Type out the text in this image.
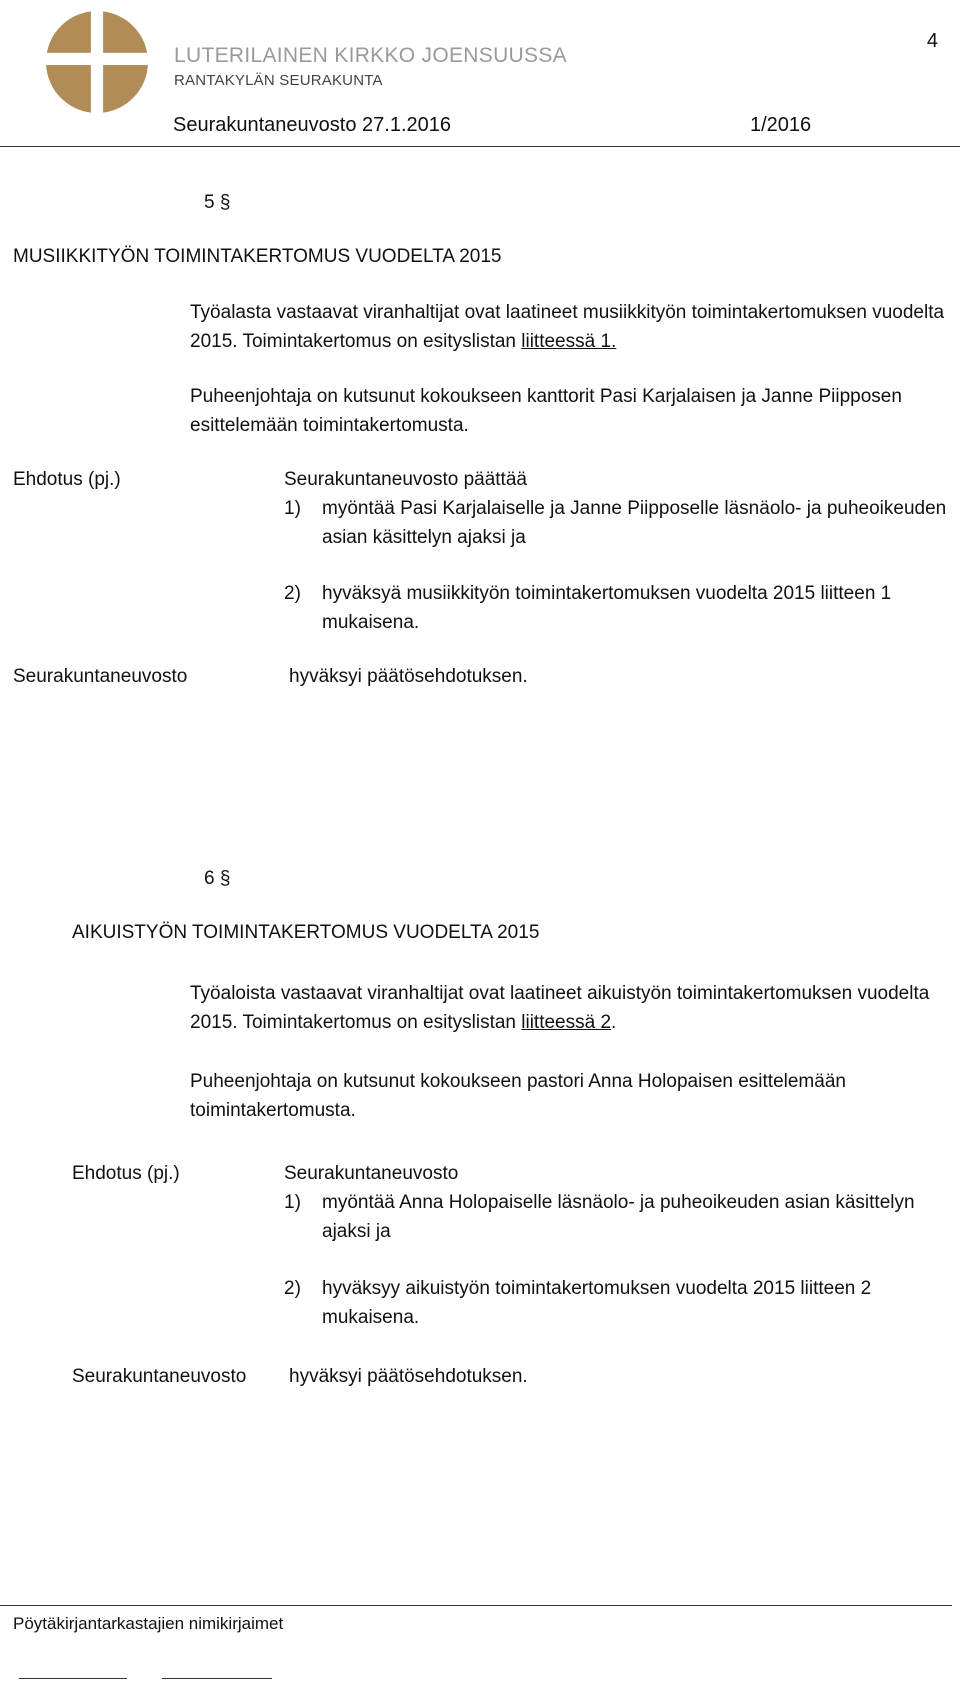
LUTERILAINEN KIRKKO JOENSUUSSA
RANTAKYLÄN SEURAKUNTA
4
Seurakuntaneuvosto 27.1.2016	1/2016
5 §
MUSIIKKITYÖN TOIMINTAKERTOMUS VUODELTA 2015
Työalasta vastaavat viranhaltijat ovat laatineet musiikkityön toimintakertomuksen vuodelta 2015. Toimintakertomus on esityslistan liitteessä 1.
Puheenjohtaja on kutsunut kokoukseen kanttorit Pasi Karjalaisen ja Janne Piipposen esittelemään toimintakertomusta.
Ehdotus (pj.)	Seurakuntaneuvosto päättää
1) myöntää Pasi Karjalaiselle ja Janne Piipposelle läsnäolo- ja puheoikeuden asian käsittelyn ajaksi ja
2) hyväksyä musiikkityön toimintakertomuksen vuodelta 2015 liitteen 1 mukaisena.
Seurakuntaneuvosto	hyväksyi päätösehdotuksen.
6 §
AIKUISTYÖN TOIMINTAKERTOMUS VUODELTA 2015
Työaloista vastaavat viranhaltijat ovat laatineet aikuistyön toimintakertomuksen vuodelta 2015. Toimintakertomus on esityslistan liitteessä 2.
Puheenjohtaja on kutsunut kokoukseen pastori Anna Holopaisen esittelemään toimintakertomusta.
Ehdotus (pj.)	Seurakuntaneuvosto
1) myöntää Anna Holopaiselle läsnäolo- ja puheoikeuden asian käsittelyn ajaksi ja
2) hyväksyy aikuistyön toimintakertomuksen vuodelta 2015 liitteen 2 mukaisena.
Seurakuntaneuvosto hyväksyi päätösehdotuksen.
Pöytäkirjantarkastajien nimikirjaimet
